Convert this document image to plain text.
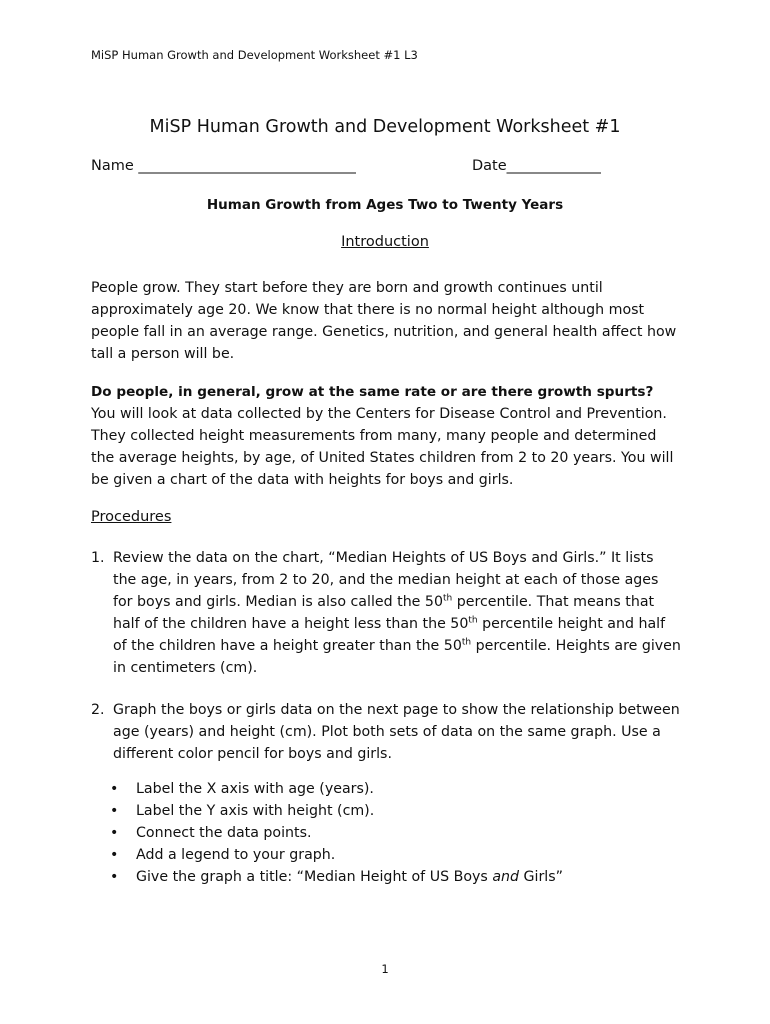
MiSP Human Growth and Development Worksheet #1 L3
MiSP Human Growth and Development Worksheet #1
Name ______________________________	Date_____________
Human Growth from Ages Two to Twenty Years
Introduction
People grow. They start before they are born and growth continues until approximately age 20. We know that there is no normal height although most people fall in an average range. Genetics, nutrition, and general health affect how tall a person will be.
Do people, in general, grow at the same rate or are there growth spurts? You will look at data collected by the Centers for Disease Control and Prevention. They collected height measurements from many, many people and determined the average heights, by age, of United States children from 2 to 20 years. You will be given a chart of the data with heights for boys and girls.
Procedures
1. Review the data on the chart, “Median Heights of US Boys and Girls.” It lists the age, in years, from 2 to 20, and the median height at each of those ages for boys and girls. Median is also called the 50th percentile. That means that half of the children have a height less than the 50th percentile height and half of the children have a height greater than the 50th percentile. Heights are given in centimeters (cm).
2. Graph the boys or girls data on the next page to show the relationship between age (years) and height (cm). Plot both sets of data on the same graph. Use a different color pencil for boys and girls.
• Label the X axis with age (years).
• Label the Y axis with height (cm).
• Connect the data points.
• Add a legend to your graph.
• Give the graph a title: “Median Height of US Boys and Girls”
1
